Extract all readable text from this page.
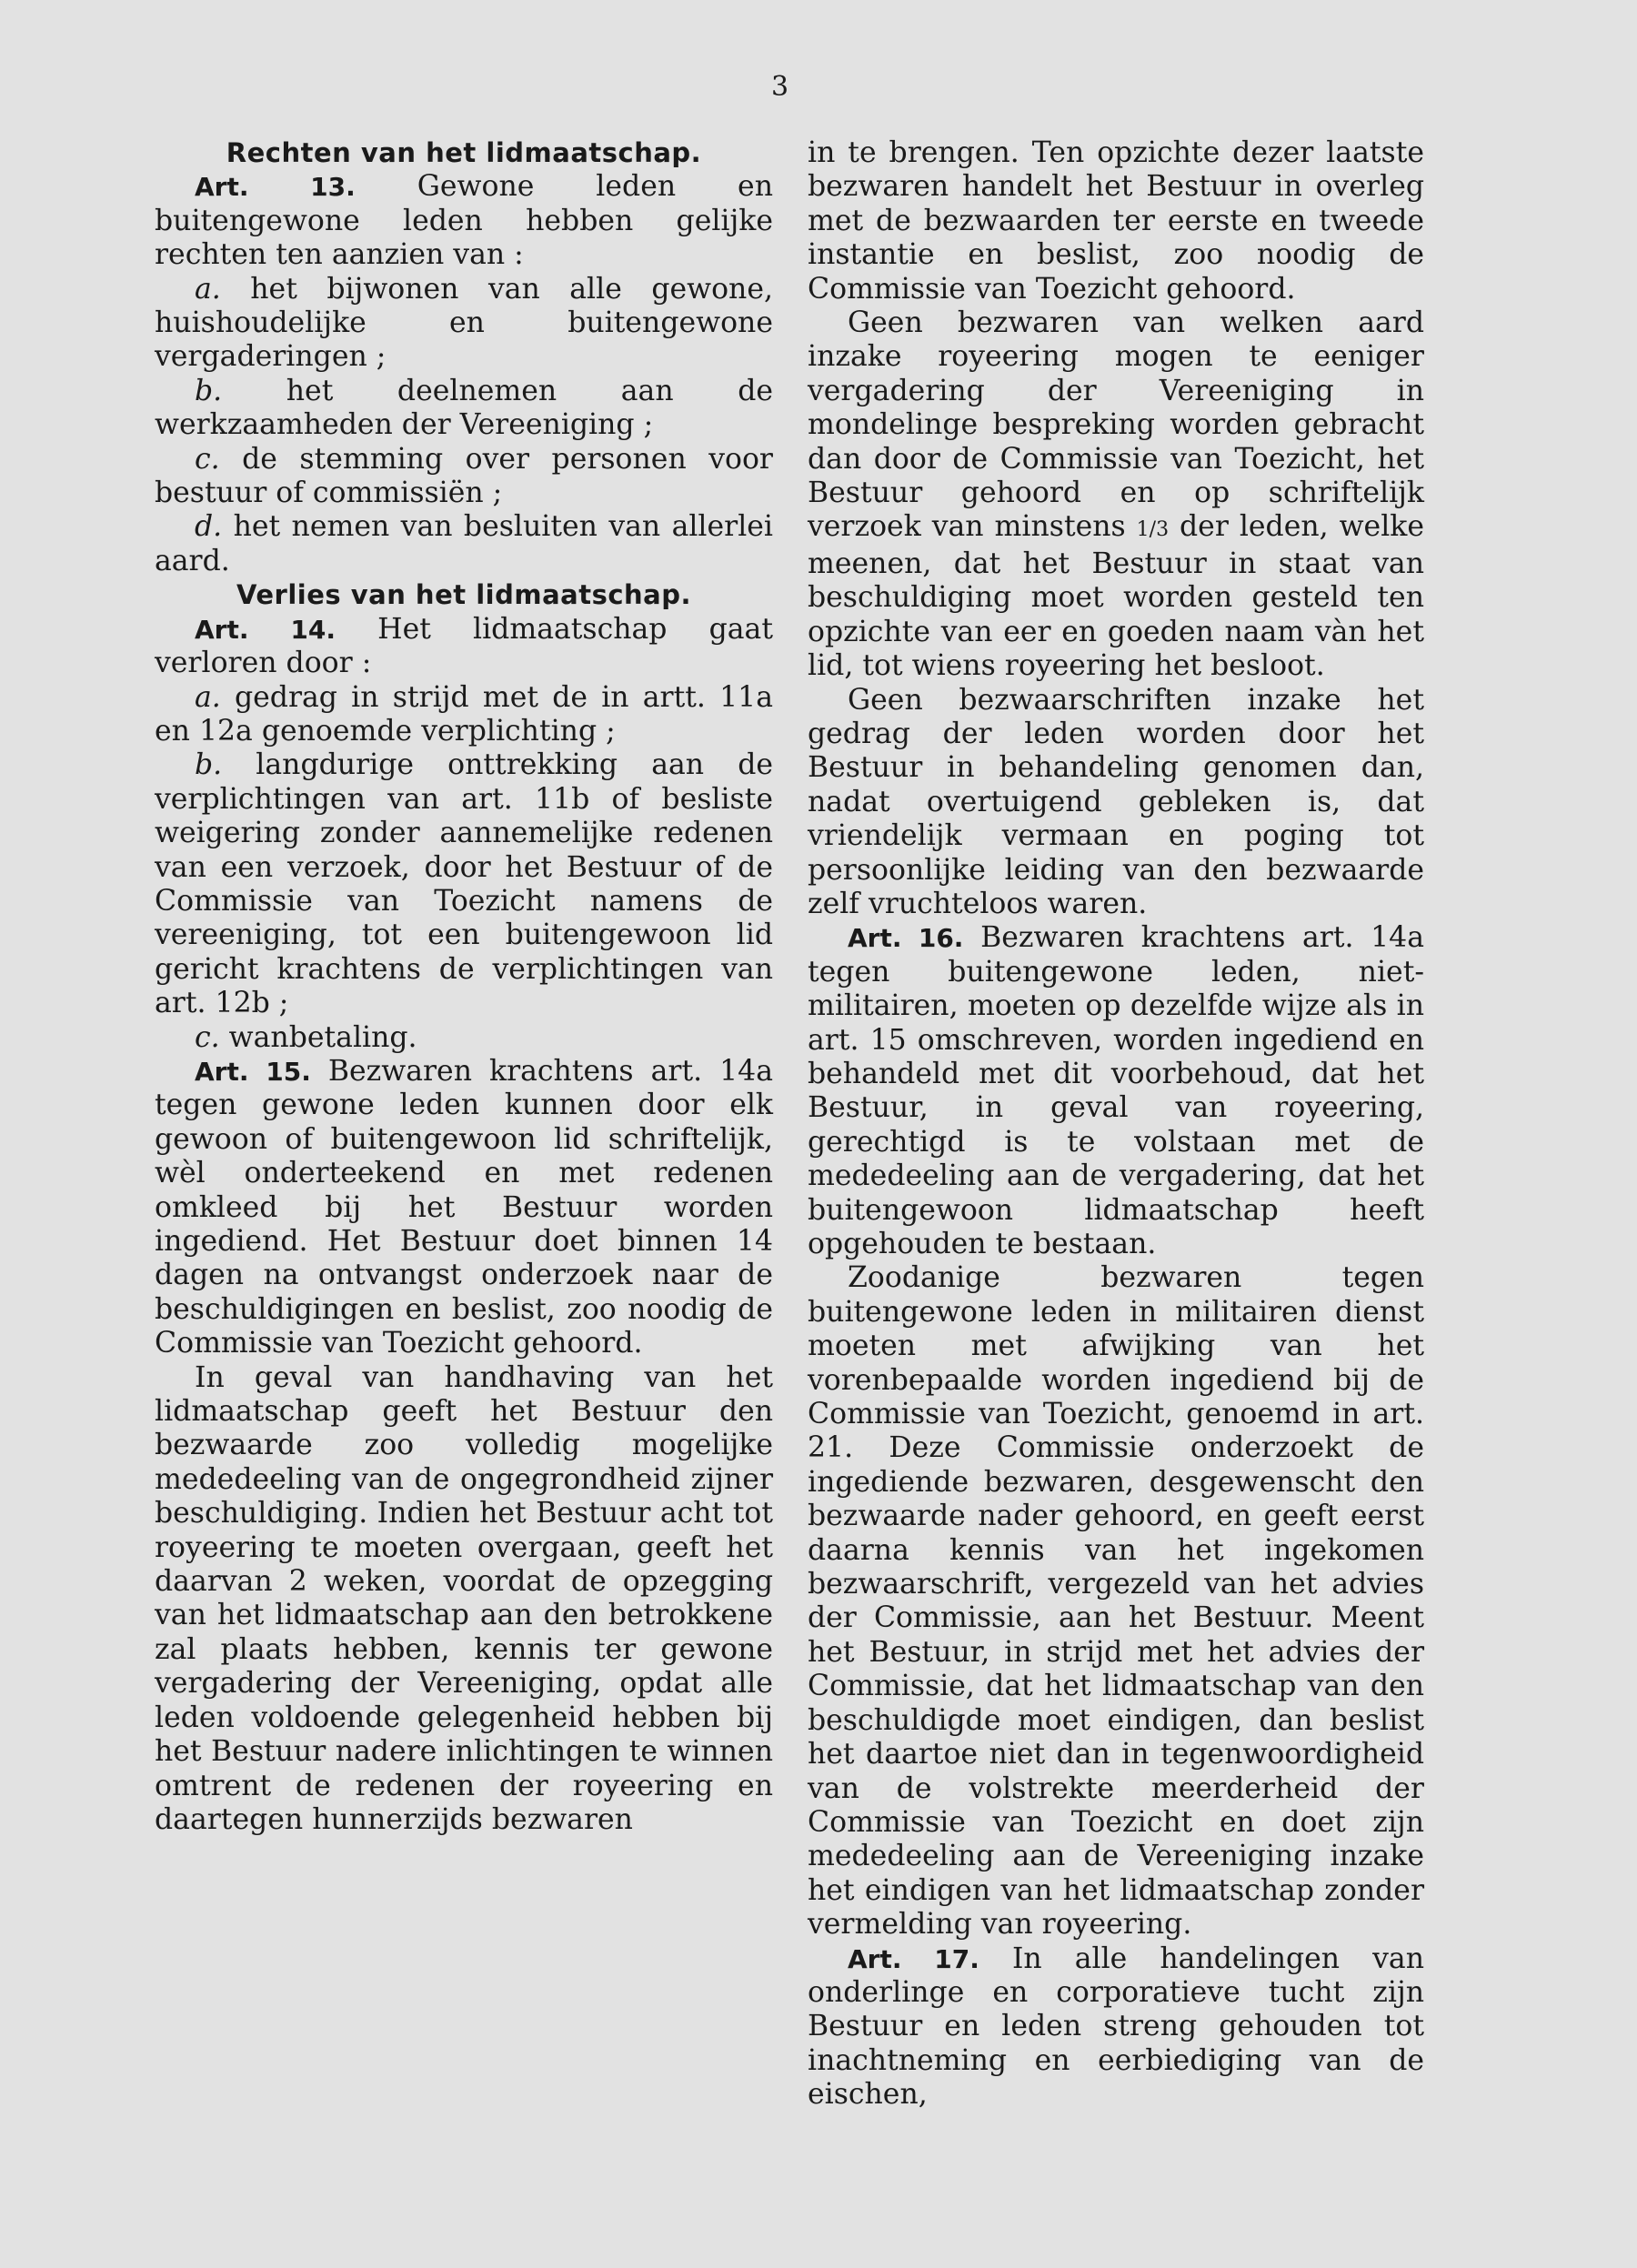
3

Rechten van het lidmaatschap.

Art. 13. Gewone leden en buitengewone leden hebben gelijke rechten ten aanzien van :

a. het bijwonen van alle gewone, huishoudelijke en buitengewone vergaderingen ;

b. het deelnemen aan de werkzaamheden der Vereeniging ;

c. de stemming over personen voor bestuur of commissiën ;

d. het nemen van besluiten van allerlei aard.

Verlies van het lidmaatschap.

Art. 14. Het lidmaatschap gaat verloren door :

a. gedrag in strijd met de in artt. 11a en 12a genoemde verplichting ;

b. langdurige onttrekking aan de verplichtingen van art. 11b of besliste weigering zonder aannemelijke redenen van een verzoek, door het Bestuur of de Commissie van Toezicht namens de vereeniging, tot een buitengewoon lid gericht krachtens de verplichtingen van art. 12b ;

c. wanbetaling.

Art. 15. Bezwaren krachtens art. 14a tegen gewone leden kunnen door elk gewoon of buitengewoon lid schriftelijk, wèl onderteekend en met redenen omkleed bij het Bestuur worden ingediend. Het Bestuur doet binnen 14 dagen na ontvangst onderzoek naar de beschuldigingen en beslist, zoo noodig de Commissie van Toezicht gehoord.

In geval van handhaving van het lidmaatschap geeft het Bestuur den bezwaarde zoo volledig mogelijke mededeeling van de ongegrondheid zijner beschuldiging. Indien het Bestuur acht tot royeering te moeten overgaan, geeft het daarvan 2 weken, voordat de opzegging van het lidmaatschap aan den betrokkene zal plaats hebben, kennis ter gewone vergadering der Vereeniging, opdat alle leden voldoende gelegenheid hebben bij het Bestuur nadere inlichtingen te winnen omtrent de redenen der royeering en daartegen hunnerzijds bezwaren

in te brengen. Ten opzichte dezer laatste bezwaren handelt het Bestuur in overleg met de bezwaarden ter eerste en tweede instantie en beslist, zoo noodig de Commissie van Toezicht gehoord.

Geen bezwaren van welken aard inzake royeering mogen te eeniger vergadering der Vereeniging in mondelinge bespreking worden gebracht dan door de Commissie van Toezicht, het Bestuur gehoord en op schriftelijk verzoek van minstens 1/3 der leden, welke meenen, dat het Bestuur in staat van beschuldiging moet worden gesteld ten opzichte van eer en goeden naam vàn het lid, tot wiens royeering het besloot.

Geen bezwaarschriften inzake het gedrag der leden worden door het Bestuur in behandeling genomen dan, nadat overtuigend gebleken is, dat vriendelijk vermaan en poging tot persoonlijke leiding van den bezwaarde zelf vruchteloos waren.

Art. 16. Bezwaren krachtens art. 14a tegen buitengewone leden, niet-militairen, moeten op dezelfde wijze als in art. 15 omschreven, worden ingediend en behandeld met dit voorbehoud, dat het Bestuur, in geval van royeering, gerechtigd is te volstaan met de mededeeling aan de vergadering, dat het buitengewoon lidmaatschap heeft opgehouden te bestaan.

Zoodanige bezwaren tegen buitengewone leden in militairen dienst moeten met afwijking van het vorenbepaalde worden ingediend bij de Commissie van Toezicht, genoemd in art. 21. Deze Commissie onderzoekt de ingediende bezwaren, desgewenscht den bezwaarde nader gehoord, en geeft eerst daarna kennis van het ingekomen bezwaarschrift, vergezeld van het advies der Commissie, aan het Bestuur. Meent het Bestuur, in strijd met het advies der Commissie, dat het lidmaatschap van den beschuldigde moet eindigen, dan beslist het daartoe niet dan in tegenwoordigheid van de volstrekte meerderheid der Commissie van Toezicht en doet zijn mededeeling aan de Vereeniging inzake het eindigen van het lidmaatschap zonder vermelding van royeering.

Art. 17. In alle handelingen van onderlinge en corporatieve tucht zijn Bestuur en leden streng gehouden tot inachtneming en eerbiediging van de eischen,
